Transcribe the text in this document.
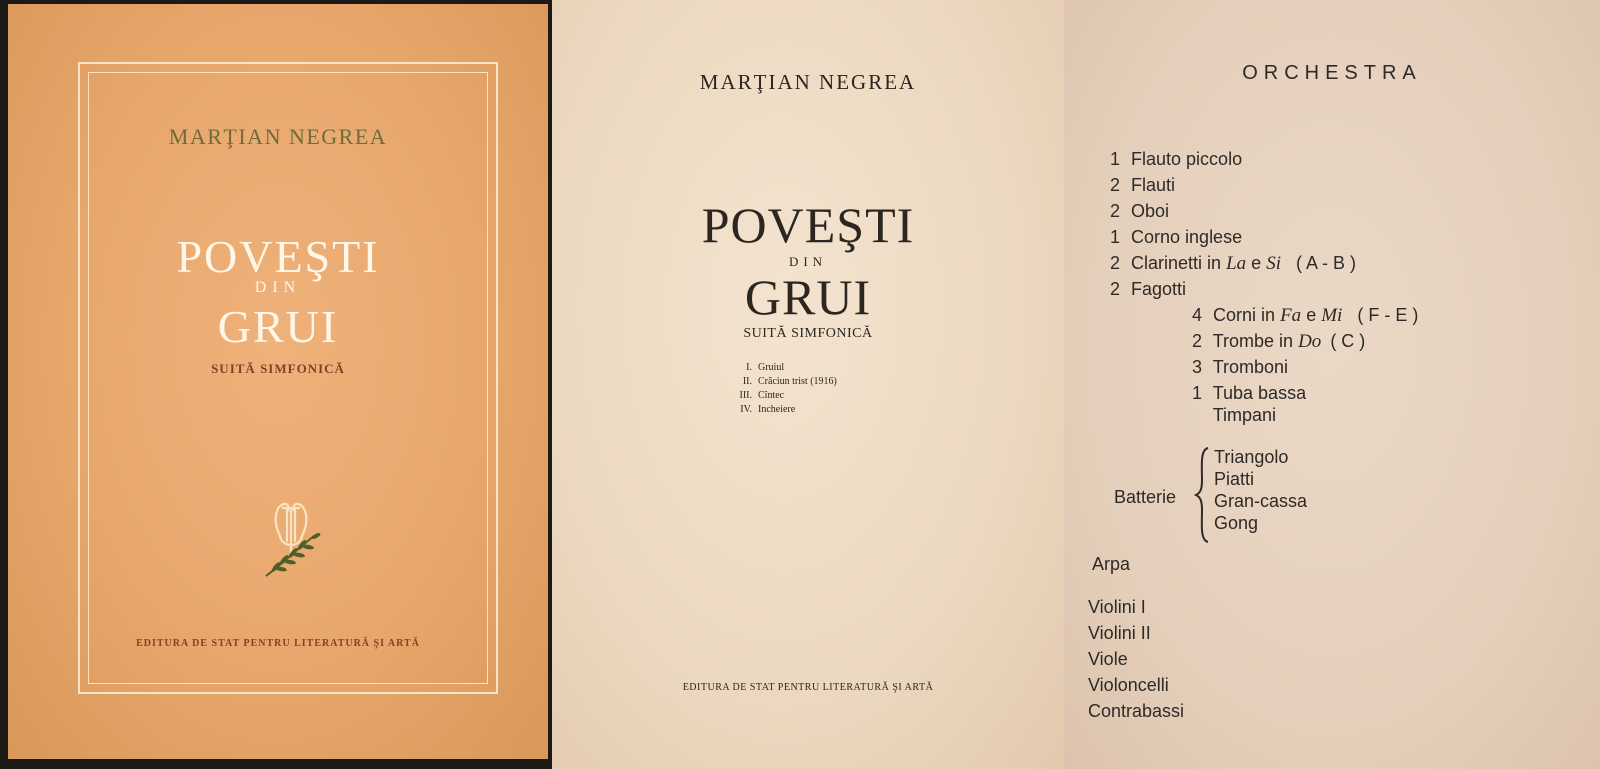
MARŢIAN NEGREA
POVEŞTI
DIN
GRUI
SUITĂ SIMFONICĂ
EDITURA DE STAT PENTRU LITERATURĂ ŞI ARTĂ
MARŢIAN NEGREA
POVEŞTI
DIN
GRUI
SUITĂ SIMFONICĂ
I. Gruiul
II. Crăciun trist (1916)
III. Cîntec
IV. Incheiere
EDITURA DE STAT PENTRU LITERATURĂ ŞI ARTĂ
ORCHESTRA
1 Flauto piccolo
2 Flauti
2 Oboi
1 Corno inglese
2 Clarinetti in La e Si ( A - B )
2 Fagotti
4 Corni in Fa e Mi ( F - E )
2 Trombe in Do ( C )
3 Tromboni
1 Tuba bassa
Timpani
Batterie
Triangolo
Piatti
Gran-cassa
Gong
Arpa
Violini I
Violini II
Viole
Violoncelli
Contrabassi
